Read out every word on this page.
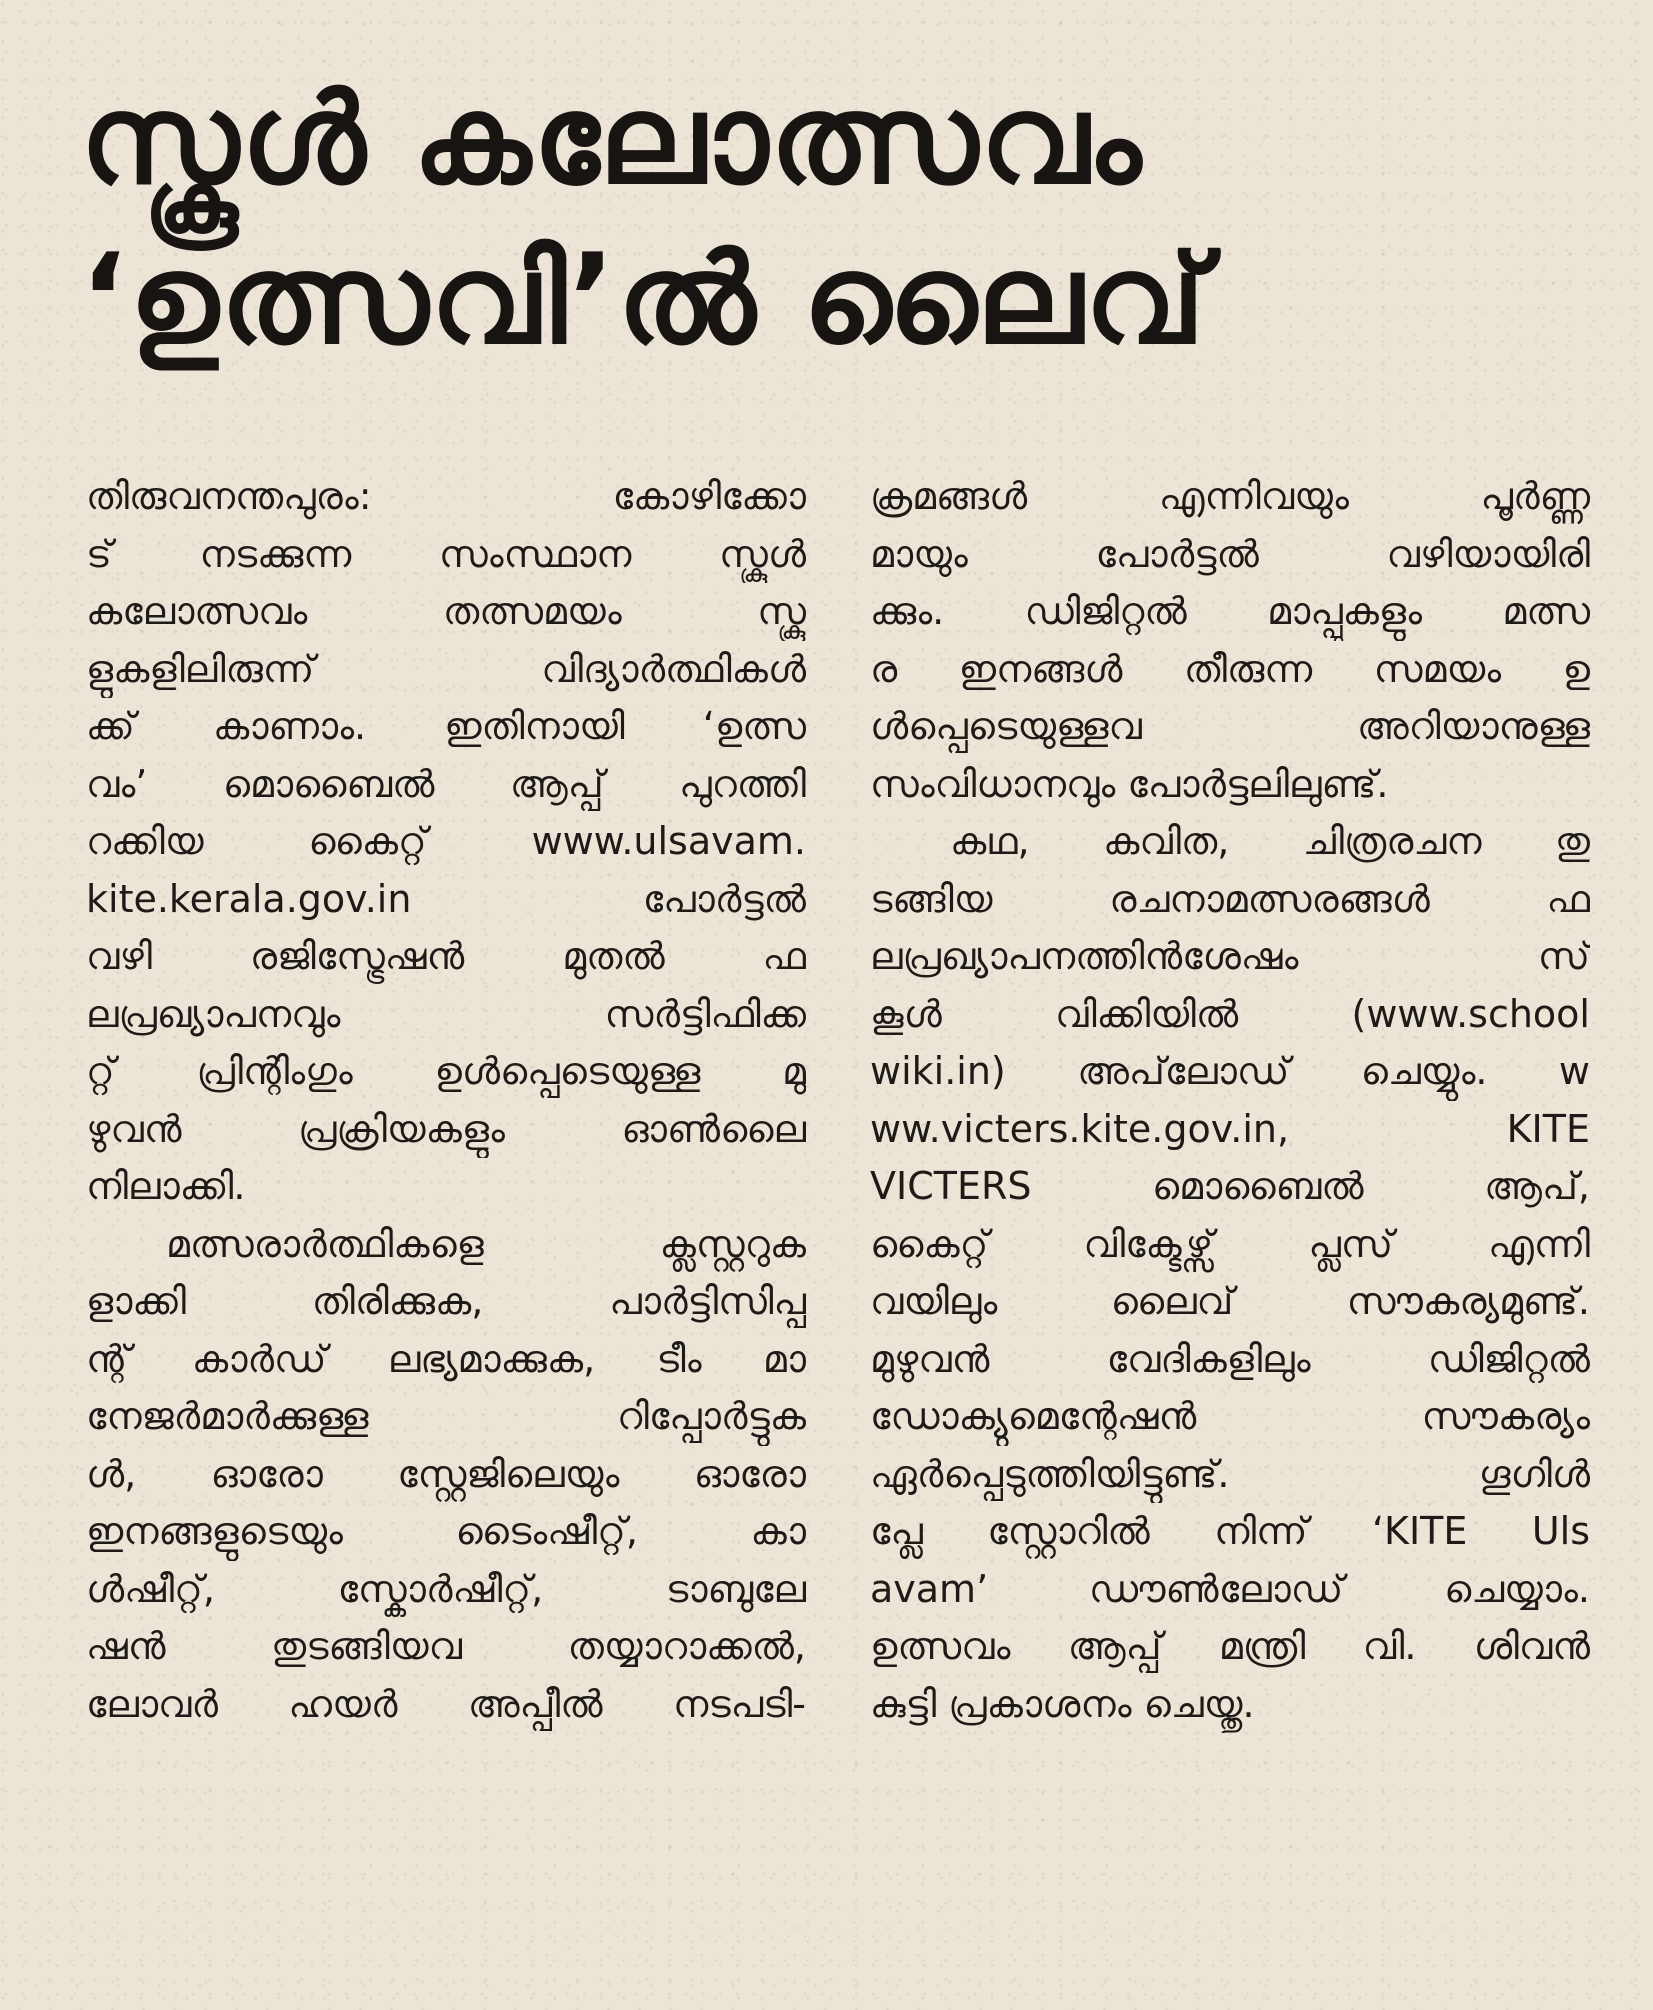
സ്കൂൾ കലോത്സവം
‘ഉത്സവി’ൽ ലൈവ്
തിരുവനന്തപുരം: കോഴിക്കോ
ട് നടക്കുന്ന സംസ്ഥാന സ്കൂൾ
കലോത്സവം തത്സമയം സ്കൂ
ളുകളിലിരുന്ന് വിദ്യാർത്ഥികൾ
ക്ക് കാണാം. ഇതിനായി ‘ഉത്സ
വം’ മൊബൈൽ ആപ്പ് പുറത്തി
റക്കിയ കൈറ്റ് www.ulsavam.
kite.kerala.gov.in പോർട്ടൽ
വഴി രജിസ്ട്രേഷൻ മുതൽ ഫ
ലപ്രഖ്യാപനവും സർട്ടിഫിക്ക
റ്റ് പ്രിന്റിംഗും ഉൾപ്പെടെയുള്ള മു
ഴുവൻ പ്രക്രിയകളും ഓൺലൈ
നിലാക്കി.
മത്സരാർത്ഥികളെ ക്ലസ്റ്ററുക
ളാക്കി തിരിക്കുക, പാർട്ടിസിപ്പ
ന്റ് കാർഡ് ലഭ്യമാക്കുക, ടീം മാ
നേജർമാർക്കുള്ള റിപ്പോർട്ടുക
ൾ, ഓരോ സ്റ്റേജിലെയും ഓരോ
ഇനങ്ങളുടെയും ടൈംഷീറ്റ്, കാ
ൾഷീറ്റ്, സ്കോർഷീറ്റ്, ടാബുലേ
ഷൻ തുടങ്ങിയവ തയ്യാറാക്കൽ,
ലോവർ ഹയർ അപ്പീൽ നടപടി-
ക്രമങ്ങൾ എന്നിവയും പൂർണ്ണ
മായും പോർട്ടൽ വഴിയായിരി
ക്കും. ഡിജിറ്റൽ മാപ്പുകളും മത്സ
ര ഇനങ്ങൾ തീരുന്ന സമയം ഉ
ൾപ്പെടെയുള്ളവ അറിയാനുള്ള
സംവിധാനവും പോർട്ടലിലുണ്ട്.
കഥ, കവിത, ചിത്രരചന തു
ടങ്ങിയ രചനാമത്സരങ്ങൾ ഫ
ലപ്രഖ്യാപനത്തിൻശേഷം സ്
കൂൾ വിക്കിയിൽ (www.school
wiki.in) അപ്‌ലോഡ് ചെയ്യും. w
ww.victers.kite.gov.in, KITE
VICTERS മൊബൈൽ ആപ്,
കൈറ്റ് വിക്ടേഴ്സ് പ്ലസ് എന്നി
വയിലും ലൈവ് സൗകര്യമുണ്ട്.
മുഴുവൻ വേദികളിലും ഡിജിറ്റൽ
ഡോക്യുമെന്റേഷൻ സൗകര്യം
ഏർപ്പെടുത്തിയിട്ടുണ്ട്. ഗൂഗിൾ
പ്ലേ സ്റ്റോറിൽ നിന്ന് ‘KITE Uls
avam’ ഡൗൺലോഡ് ചെയ്യാം.
ഉത്സവം ആപ്പ് മന്ത്രി വി. ശിവൻ
കുട്ടി പ്രകാശനം ചെയ്തു.
